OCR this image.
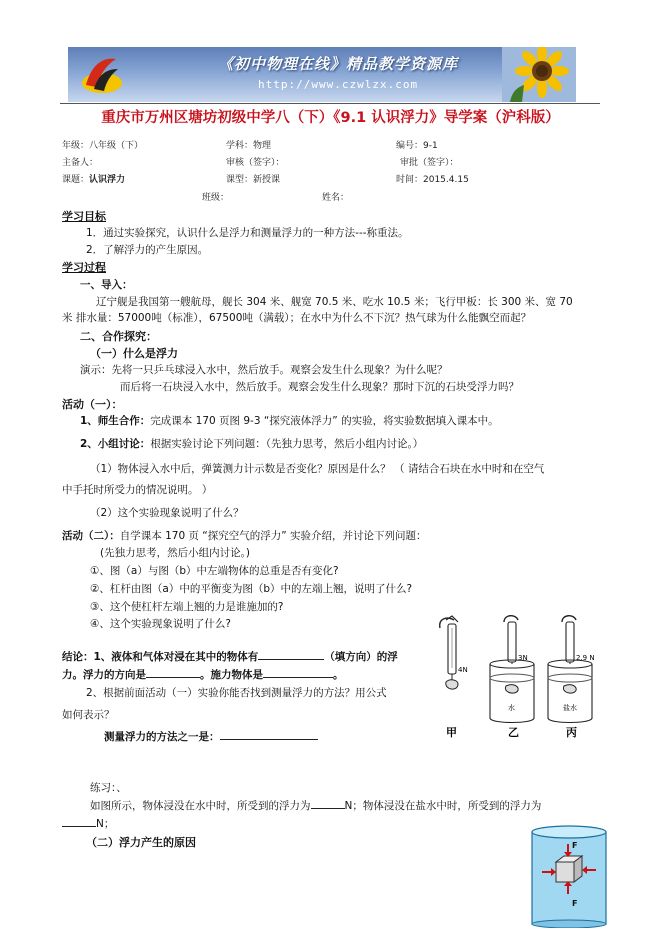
《初中物理在线》精品教学资源库
http://www.czwlzx.com
重庆市万州区塘坊初级中学八（下）《9.1 认识浮力》导学案（沪科版）
年级：八年级（下）	学科：物理	编号：9-1
主备人：	审核（签字）：	审批（签字）：
课题：认识浮力	课型：新授课	时间：2015.4.15
班级：	姓名：
学习目标
1．通过实验探究，认识什么是浮力和测量浮力的一种方法---称重法。
2．了解浮力的产生原因。
学习过程
一、导入：
辽宁舰是我国第一艘航母，舰长 304 米、舰宽 70.5 米、吃水 10.5 米；飞行甲板：长 300 米、宽 70
米 排水量：57000吨（标准），67500吨（满载）；在水中为什么不下沉？热气球为什么能飘空而起？
二、合作探究：
（一）什么是浮力
演示：先将一只乒乓球浸入水中，然后放手。观察会发生什么现象？为什么呢？
而后将一石块浸入水中，然后放手。观察会发生什么现象？那时下沉的石块受浮力吗？
活动（一）：
1、师生合作：完成课本 170 页图 9-3 “探究液体浮力” 的实验，将实验数据填入课本中。
2、小组讨论：根据实验讨论下列问题：（先独力思考，然后小组内讨论。）
（1）物体浸入水中后，弹簧测力计示数是否变化？原因是什么？ （ 请结合石块在水中时和在空气
中手托时所受力的情况说明。 ）
（2）这个实验现象说明了什么？
活动（二）：自学课本 170 页 “探究空气的浮力” 实验介绍，并讨论下列问题：
(先独力思考，然后小组内讨论。)
①、图（a）与图（b）中左端物体的总重是否有变化?
②、杠杆由图（a）中的平衡变为图（b）中的左端上翘，说明了什么?
③、这个使杠杆左端上翘的力是谁施加的?
④、这个实验现象说明了什么?
结论：1、液体和气体对浸在其中的物体有	（填方向）的浮
力。浮力的方向是	。施力物体是	。
2、根据前面活动（一）实验你能否找到测量浮力的方法？用公式
如何表示？
测量浮力的方法之一是：
练习：、
如图所示，物体浸没在水中时，所受到的浮力为	N；物体浸没在盐水中时，所受到的浮力为
N；
（二）浮力产生的原因
4N
甲
3N
水
乙
2.9 N
盐水
丙
F
F
